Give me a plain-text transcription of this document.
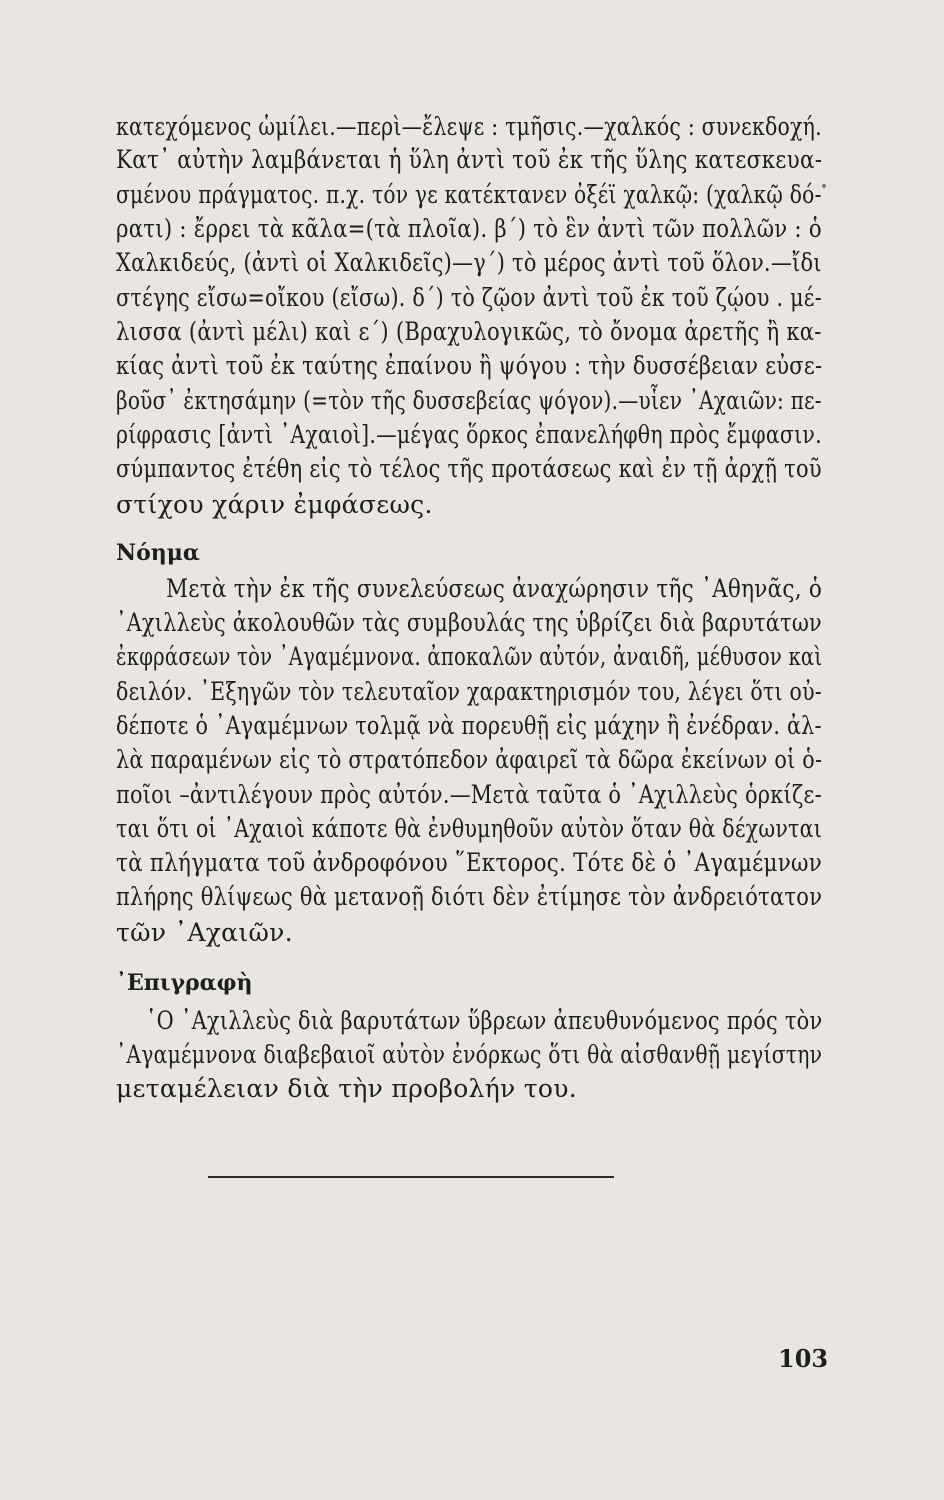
κατεχόμενος ὡμίλει.—περὶ—ἔλεψε : τμῆσις.—χαλκός : συνεκδοχή.
Κατ᾽ αὐτὴν λαμβάνεται ἡ ὕλη ἀντὶ τοῦ ἐκ τῆς ὕλης κατεσκευα-
σμένου πράγματος. π.χ. τόν γε κατέκτανεν ὀξέϊ χαλκῷ: (χαλκῷ δό-
ρατι) : ἔρρει τὰ κᾶλα=(τὰ πλοῖα). β΄) τὸ ἓν ἀντὶ τῶν πολλῶν : ὁ
Χαλκιδεύς, (ἀντὶ οἱ Χαλκιδεῖς)—γ΄) τὸ μέρος ἀντὶ τοῦ ὅλον.—ἴδι
στέγης εἴσω=οἴκου (εἴσω). δ΄) τὸ ζῷον ἀντὶ τοῦ ἐκ τοῦ ζῴου . μέ-
λισσα (ἀντὶ μέλι) καὶ ε΄) (Βραχυλογικῶς, τὸ ὄνομα ἀρετῆς ἢ κα-
κίας ἀντὶ τοῦ ἐκ ταύτης ἐπαίνου ἢ ψόγου : τὴν δυσσέβειαν εὐσε-
βοῦσ᾽ ἐκτησάμην (=τὸν τῆς δυσσεβείας ψόγον).—υἷεν ᾿Αχαιῶν: πε-
ρίφρασις [ἀντὶ ᾿Αχαιοὶ].—μέγας ὅρκος ἐπανελήφθη πρὸς ἔμφασιν.
σύμπαντος ἐτέθη εἰς τὸ τέλος τῆς προτάσεως καὶ ἐν τῇ ἀρχῇ τοῦ
στίχου χάριν ἐμφάσεως.
Νόημα
Μετὰ τὴν ἐκ τῆς συνελεύσεως ἀναχώρησιν τῆς ᾿Αθηνᾶς, ὁ
᾿Αχιλλεὺς ἀκολουθῶν τὰς συμβουλάς της ὑβρίζει διὰ βαρυτάτων
ἐκφράσεων τὸν ᾿Αγαμέμνονα. ἀποκαλῶν αὐτόν, ἀναιδῆ, μέθυσον καὶ
δειλόν. ᾿Εξηγῶν τὸν τελευταῖον χαρακτηρισμόν του, λέγει ὅτι οὐ-
δέποτε ὁ ᾿Αγαμέμνων τολμᾷ νὰ πορευθῇ εἰς μάχην ἢ ἐνέδραν. ἀλ-
λὰ παραμένων εἰς τὸ στρατόπεδον ἀφαιρεῖ τὰ δῶρα ἐκείνων οἱ ὁ-
ποῖοι –ἀντιλέγουν πρὸς αὐτόν.—Μετὰ ταῦτα ὁ ᾿Αχιλλεὺς ὁρκίζε-
ται ὅτι οἱ ᾿Αχαιοὶ κάποτε θὰ ἐνθυμηθοῦν αὐτὸν ὅταν θὰ δέχωνται
τὰ πλήγματα τοῦ ἀνδροφόνου ῞Εκτορος. Τότε δὲ ὁ ᾿Αγαμέμνων
πλήρης θλίψεως θὰ μετανοῇ διότι δὲν ἐτίμησε τὸν ἀνδρειότατον
τῶν ᾿Αχαιῶν.
᾿Επιγραφὴ
῾Ο ᾿Αχιλλεὺς διὰ βαρυτάτων ὕβρεων ἀπευθυνόμενος πρός τὸν
᾿Αγαμέμνονα διαβεβαιοῖ αὐτὸν ἐνόρκως ὅτι θὰ αἰσθανθῇ μεγίστην
μεταμέλειαν διὰ τὴν προβολήν του.
103
